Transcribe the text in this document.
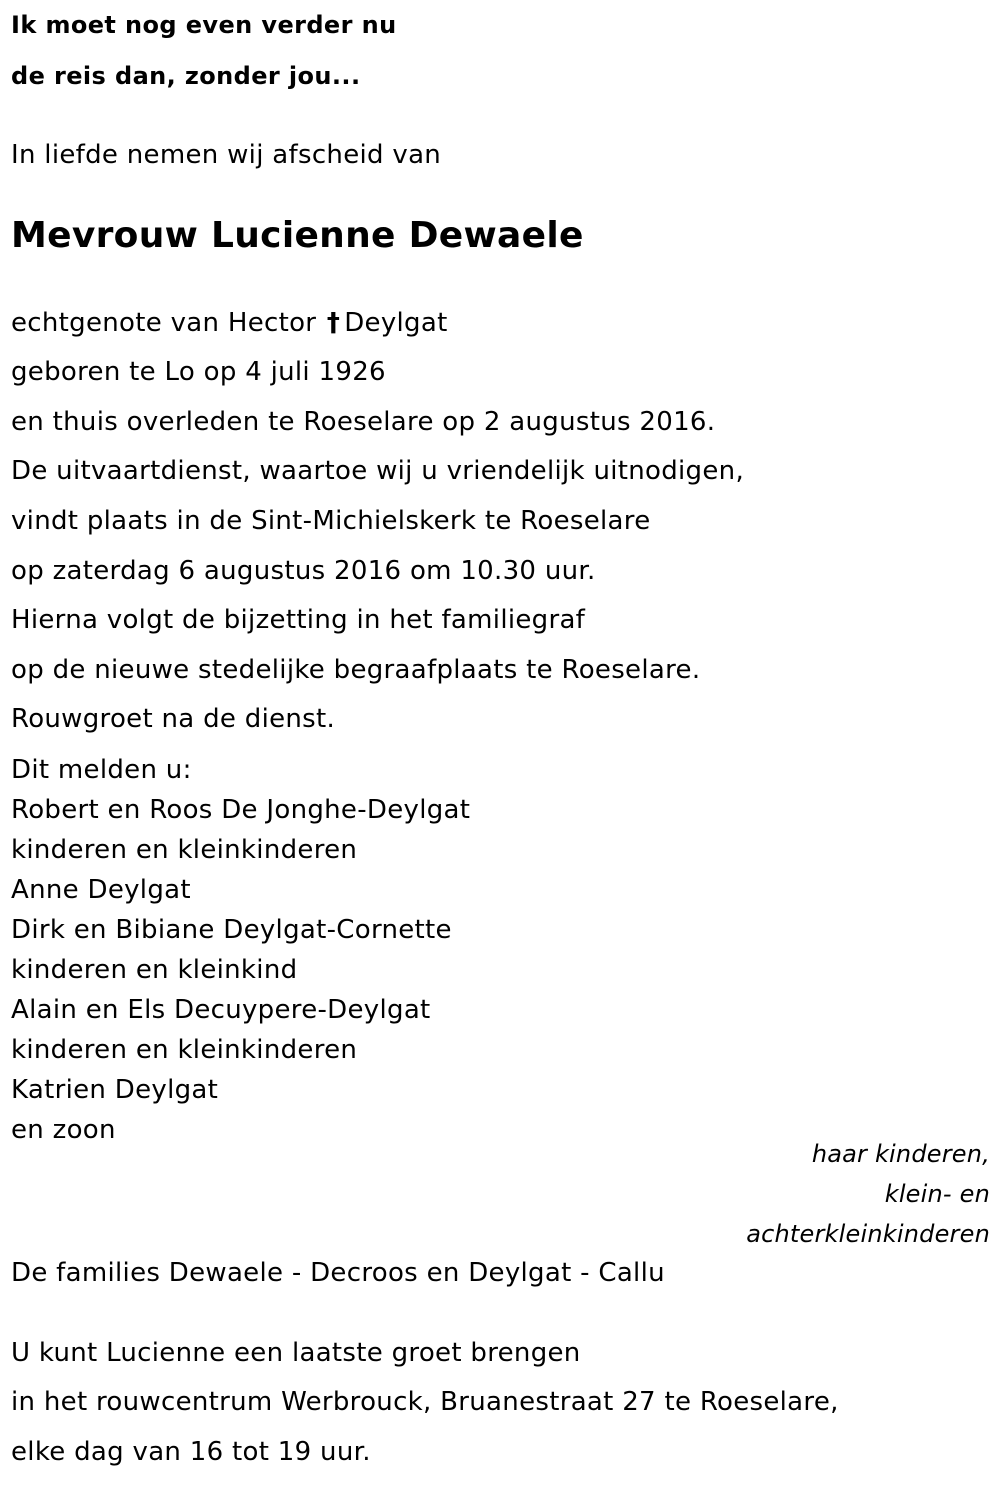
Ik moet nog even verder nu
de reis dan, zonder jou...
In liefde nemen wij afscheid van
Mevrouw Lucienne Dewaele
echtgenote van Hector † Deylgat
geboren te Lo op 4 juli 1926
en thuis overleden te Roeselare op 2 augustus 2016.
De uitvaartdienst, waartoe wij u vriendelijk uitnodigen,
vindt plaats in de Sint-Michielskerk te Roeselare
op zaterdag 6 augustus 2016 om 10.30 uur.
Hierna volgt de bijzetting in het familiegraf
op de nieuwe stedelijke begraafplaats te Roeselare.
Rouwgroet na de dienst.
Dit melden u:
Robert en Roos De Jonghe-Deylgat
kinderen en kleinkinderen
Anne Deylgat
Dirk en Bibiane Deylgat-Cornette
kinderen en kleinkind
Alain en Els Decuypere-Deylgat
kinderen en kleinkinderen
Katrien Deylgat
en zoon
haar kinderen,
klein- en
achterkleinkinderen
De families Dewaele - Decroos en Deylgat - Callu
U kunt Lucienne een laatste groet brengen
in het rouwcentrum Werbrouck, Bruanestraat 27 te Roeselare,
elke dag van 16 tot 19 uur.
